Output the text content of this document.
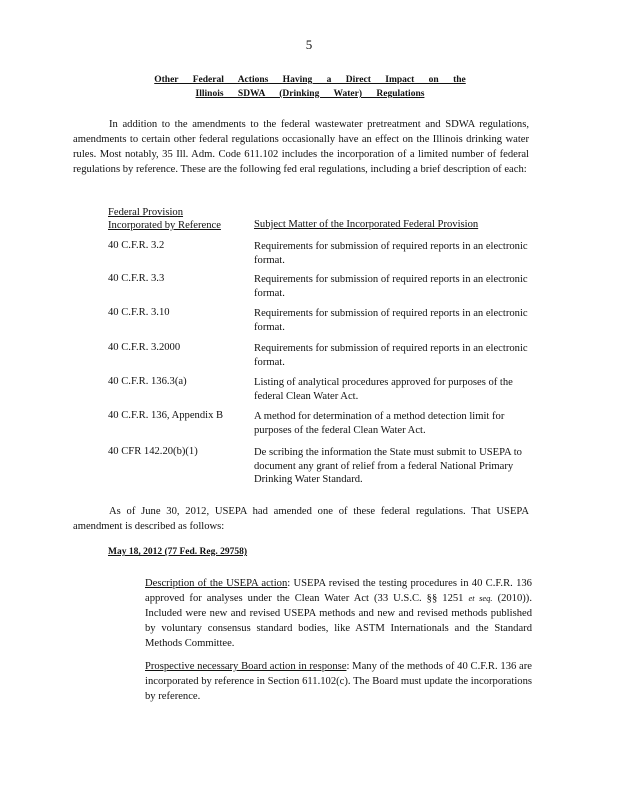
5
Other Federal Actions Having a Direct Impact on the
Illinois SDWA (Drinking Water) Regulations
In addition to the amendments to the federal wastewater pretreatment and SDWA regulations, amendments to certain other federal regulations occasionally have an effect on the Illinois drinking water rules. Most notably, 35 Ill. Adm. Code 611.102 includes the incorporation of a limited number of federal regulations by reference. These are the following fed eral regulations, including a brief description of each:
Federal Provision
Incorporated by Reference	Subject Matter of the Incorporated Federal Provision
40 C.F.R. 3.2	Requirements for submission of required reports in an electronic format.
40 C.F.R. 3.3	Requirements for submission of required reports in an electronic format.
40 C.F.R. 3.10	Requirements for submission of required reports in an electronic format.
40 C.F.R. 3.2000	Requirements for submission of required reports in an electronic format.
40 C.F.R. 136.3(a)	Listing of analytical procedures approved for purposes of the federal Clean Water Act.
40 C.F.R. 136, Appendix B	A method for determination of a method detection limit for purposes of the federal Clean Water Act.
40 CFR 142.20(b)(1)	De scribing the information the State must submit to USEPA to document any grant of relief from a federal National Primary Drinking Water Standard.
As of June 30, 2012, USEPA had amended one of these federal regulations. That USEPA amendment is described as follows:
May 18, 2012 (77 Fed. Reg. 29758)
Description of the USEPA action: USEPA revised the testing procedures in 40 C.F.R. 136 approved for analyses under the Clean Water Act (33 U.S.C. §§ 1251 et seq. (2010)). Included were new and revised USEPA methods and new and revised methods published by voluntary consensus standard bodies, like ASTM Internationals and the Standard Methods Committee.
Prospective necessary Board action in response: Many of the methods of 40 C.F.R. 136 are incorporated by reference in Section 611.102(c). The Board must update the incorporations by reference.
